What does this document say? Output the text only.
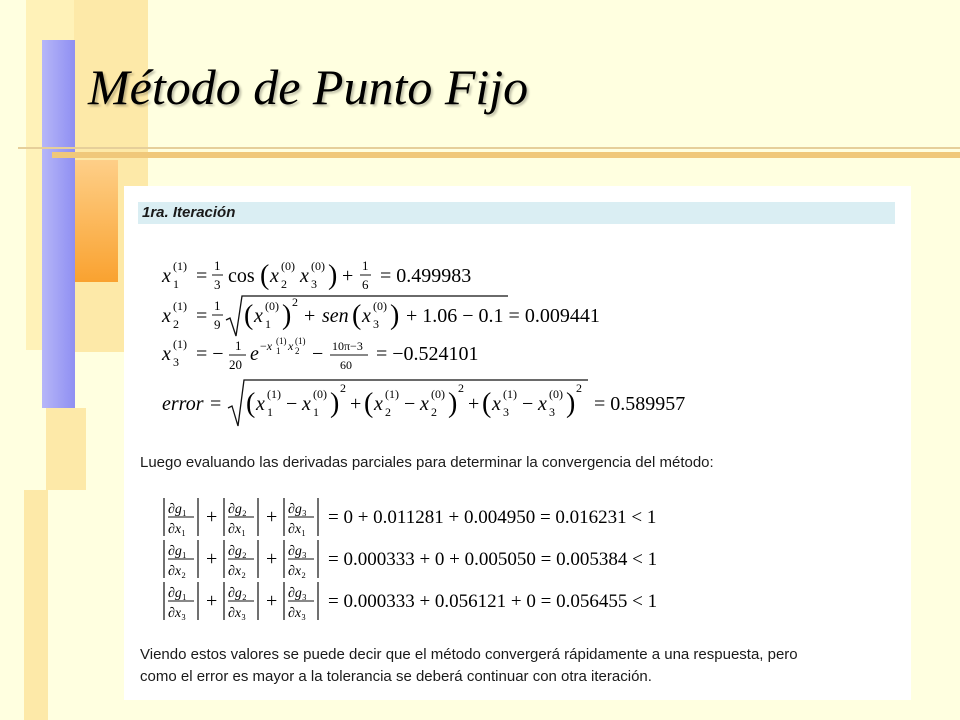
Método de Punto Fijo
1ra. Iteración
x (1)
1 = 1
3 cos ( x (0)
2 x (0)
3 ) + 1
6 = 0.499983
x (1)
2 = 1
9 ( x (0)
1 ) 2
+ sen ( x (0)
3 ) + 1.06 − 0.1 = 0.009441
x (1)
3 = − 1
20 e −x (1)
1 x (1)
2 − 10π−3
60 = −0.524101
error = ( x (1)
1 − x (0)
1 ) 2
+ ( x (1)
2 − x (0)
2 ) 2
+ ( x (1)
3 − x (0)
3 ) 2
= 0.589957
Luego evaluando las derivadas parciales para determinar la convergencia del método:
∂g₁
∂x₁
+ ∂g₂
∂x₁
+ ∂g₃
∂x₁
= 0 + 0.011281 + 0.004950 = 0.016231 < 1
∂g₁
∂x₂
+ ∂g₂
∂x₂
+ ∂g₃
∂x₂
= 0.000333 + 0 + 0.005050 = 0.005384 < 1
∂g₁
∂x₃
+ ∂g₂
∂x₃
+ ∂g₃
∂x₃
= 0.000333 + 0.056121 + 0 = 0.056455 < 1
Viendo estos valores se puede decir que el método convergerá rápidamente a una respuesta, pero
como el error es mayor a la tolerancia se deberá continuar con otra iteración.
